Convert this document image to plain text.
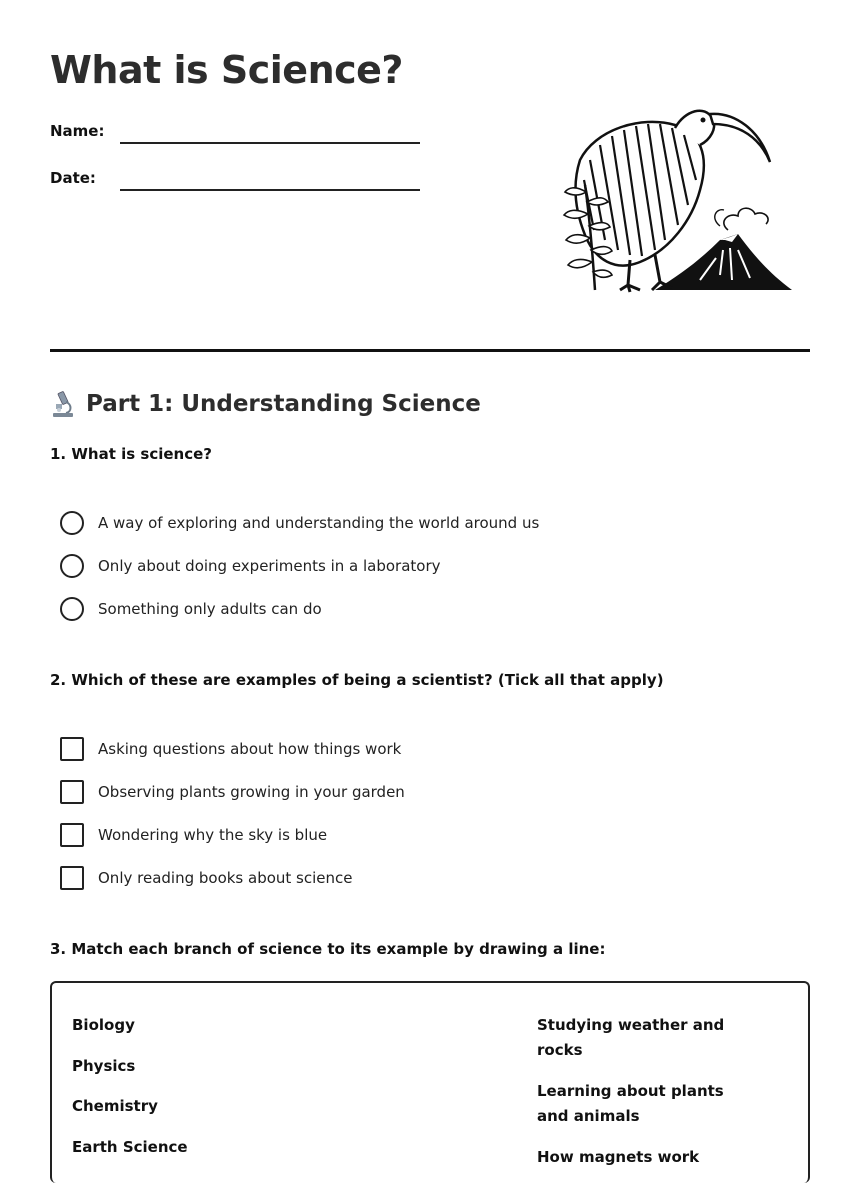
What is Science?
Name:
Date:
Part 1: Understanding Science
1. What is science?
A way of exploring and understanding the world around us
Only about doing experiments in a laboratory
Something only adults can do
2. Which of these are examples of being a scientist? (Tick all that apply)
Asking questions about how things work
Observing plants growing in your garden
Wondering why the sky is blue
Only reading books about science
3. Match each branch of science to its example by drawing a line:
Biology
Physics
Chemistry
Earth Science
Studying weather and rocks
Learning about plants and animals
How magnets work
